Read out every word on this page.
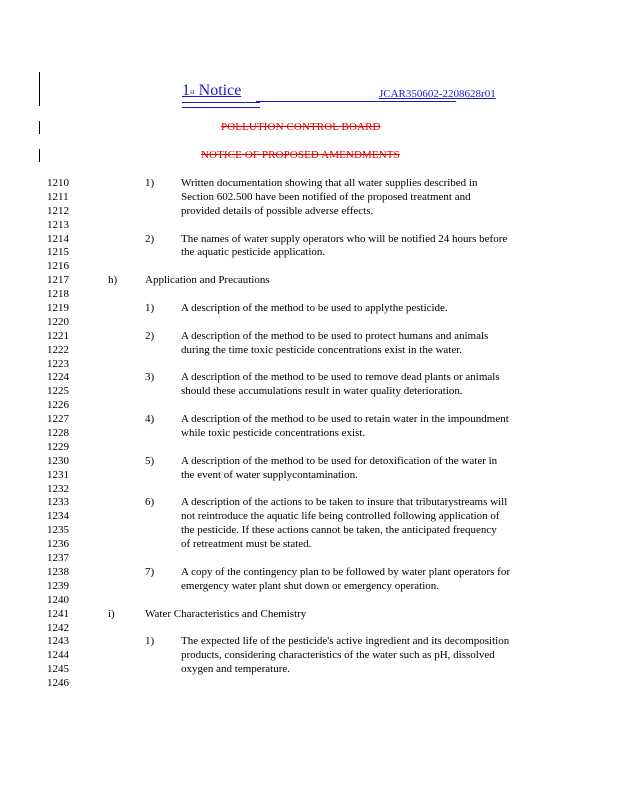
1st Notice	JCAR350602-2208628r01
POLLUTION CONTROL BOARD
NOTICE OF PROPOSED AMENDMENTS
1210	1) Written documentation showing that all water supplies described in
1211	Section 602.500 have been notified of the proposed treatment and
1212	provided details of possible adverse effects.
1213
1214	2) The names of water supply operators who will be notified 24 hours before
1215	the aquatic pesticide application.
1216
1217	h)	Application and Precautions
1218
1219	1) A description of the method to be used to applythe pesticide.
1220
1221	2) A description of the method to be used to protect humans and animals
1222	during the time toxic pesticide concentrations exist in the water.
1223
1224	3) A description of the method to be used to remove dead plants or animals
1225	should these accumulations result in water quality deterioration.
1226
1227	4) A description of the method to be used to retain water in the impoundment
1228	while toxic pesticide concentrations exist.
1229
1230	5) A description of the method to be used for detoxification of the water in
1231	the event of water supplycontamination.
1232
1233	6) A description of the actions to be taken to insure that tributarystreams will
1234	not reintroduce the aquatic life being controlled following application of
1235	the pesticide. If these actions cannot be taken, the anticipated frequency
1236	of retreatment must be stated.
1237
1238	7) A copy of the contingency plan to be followed by water plant operators for
1239	emergency water plant shut down or emergency operation.
1240
1241	i)	Water Characteristics and Chemistry
1242
1243	1) The expected life of the pesticide's active ingredient and its decomposition
1244	products, considering characteristics of the water such as pH, dissolved
1245	oxygen and temperature.
1246
